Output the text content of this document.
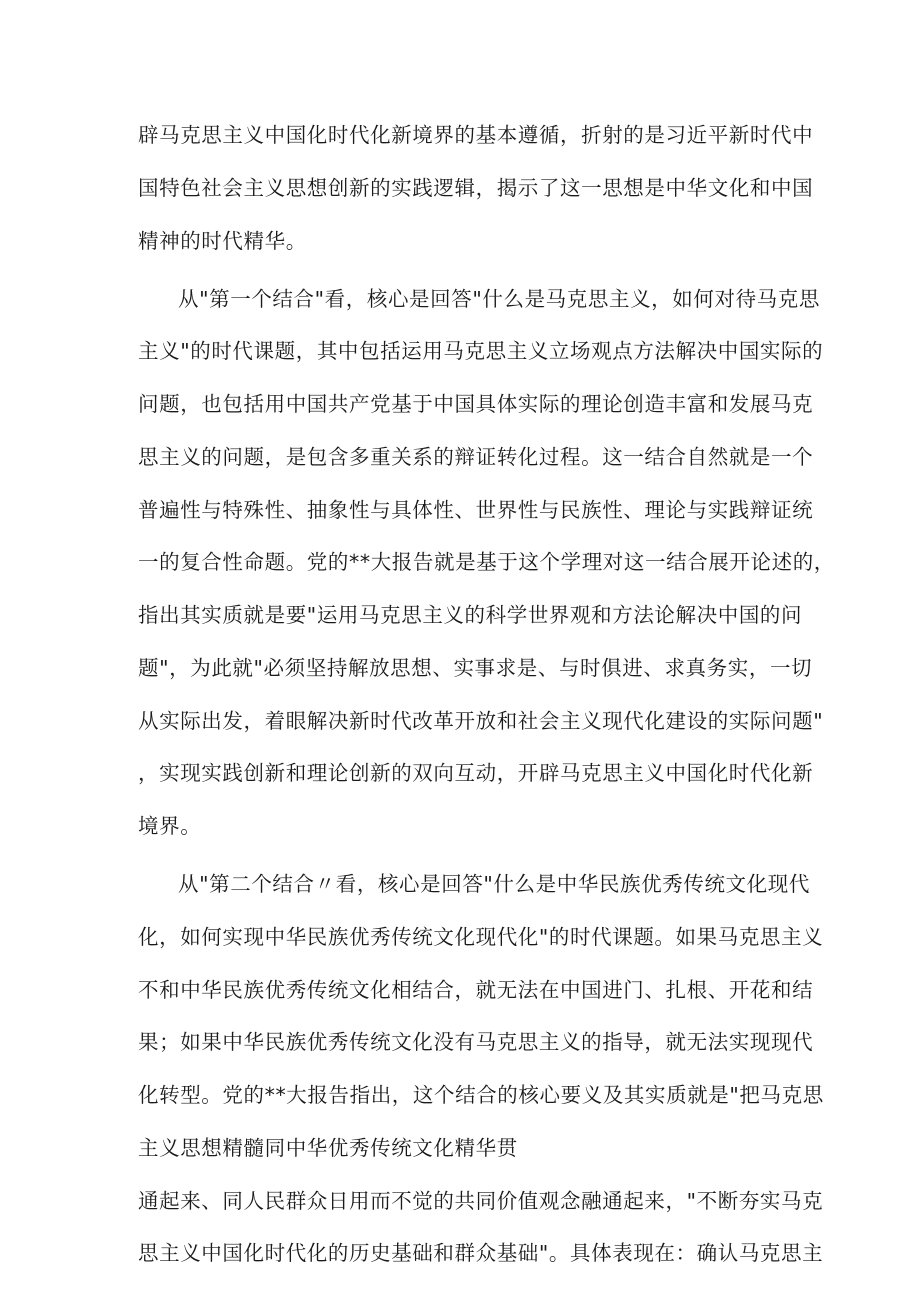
辟马克思主义中国化时代化新境界的基本遵循，折射的是习近平新时代中
国特色社会主义思想创新的实践逻辑，揭示了这一思想是中华文化和中国
精神的时代精华。
从"第一个结合"看，核心是回答"什么是马克思主义，如何对待马克思
主义"的时代课题，其中包括运用马克思主义立场观点方法解决中国实际的
问题，也包括用中国共产党基于中国具体实际的理论创造丰富和发展马克
思主义的问题，是包含多重关系的辩证转化过程。这一结合自然就是一个
普遍性与特殊性、抽象性与具体性、世界性与民族性、理论与实践辩证统
一的复合性命题。党的**大报告就是基于这个学理对这一结合展开论述的，
指出其实质就是要"运用马克思主义的科学世界观和方法论解决中国的问
题"，为此就"必须坚持解放思想、实事求是、与时俱进、求真务实，一切
从实际出发，着眼解决新时代改革开放和社会主义现代化建设的实际问题"
，实现实践创新和理论创新的双向互动，开辟马克思主义中国化时代化新
境界。
从"第二个结合〃看，核心是回答"什么是中华民族优秀传统文化现代
化，如何实现中华民族优秀传统文化现代化"的时代课题。如果马克思主义
不和中华民族优秀传统文化相结合，就无法在中国进门、扎根、开花和结
果；如果中华民族优秀传统文化没有马克思主义的指导，就无法实现现代
化转型。党的**大报告指出，这个结合的核心要义及其实质就是"把马克思
主义思想精髓同中华优秀传统文化精华贯
通起来、同人民群众日用而不觉的共同价值观念融通起来，"不断夯实马克
思主义中国化时代化的历史基础和群众基础"。具体表现在：确认马克思主
